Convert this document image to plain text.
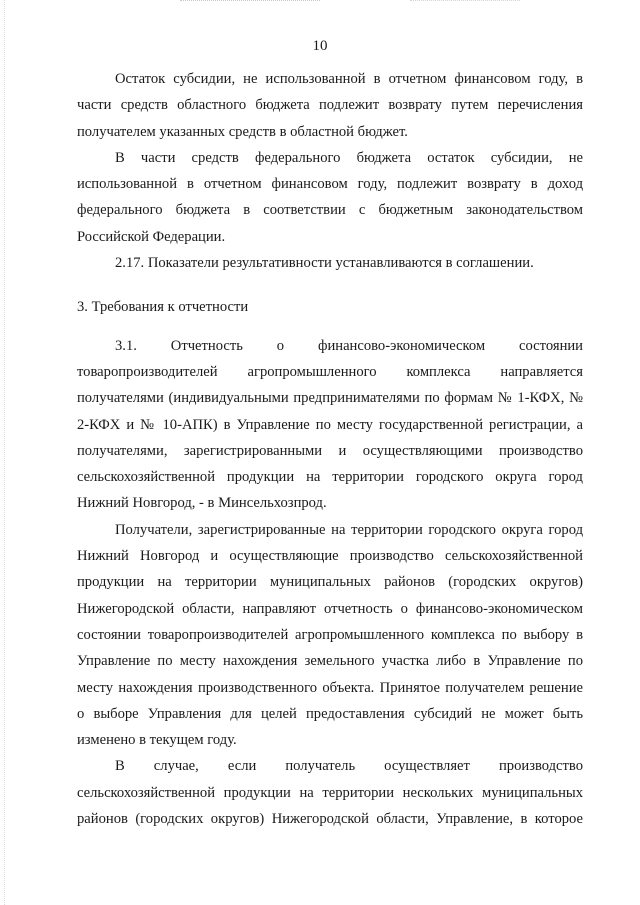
10

Остаток субсидии, не использованной в отчетном финансовом году, в части средств областного бюджета подлежит возврату путем перечисления получателем указанных средств в областной бюджет.

В части средств федерального бюджета остаток субсидии, не использованной в отчетном финансовом году, подлежит возврату в доход федерального бюджета в соответствии с бюджетным законодательством Российской Федерации.

2.17. Показатели результативности устанавливаются в соглашении.

3. Требования к отчетности

3.1. Отчетность о финансово-экономическом состоянии товаропроизводителей агропромышленного комплекса направляется получателями (индивидуальными предпринимателями по формам № 1-КФХ, № 2-КФХ и № 10-АПК) в Управление по месту государственной регистрации, а получателями, зарегистрированными и осуществляющими производство сельскохозяйственной продукции на территории городского округа город Нижний Новгород, - в Минсельхозпрод.

Получатели, зарегистрированные на территории городского округа город Нижний Новгород и осуществляющие производство сельскохозяйственной продукции на территории муниципальных районов (городских округов) Нижегородской области, направляют отчетность о финансово-экономическом состоянии товаропроизводителей агропромышленного комплекса по выбору в Управление по месту нахождения земельного участка либо в Управление по месту нахождения производственного объекта. Принятое получателем решение о выборе Управления для целей предоставления субсидий не может быть изменено в текущем году.

В случае, если получатель осуществляет производство сельскохозяйственной продукции на территории нескольких муниципальных районов (городских округов) Нижегородской области, Управление, в которое
